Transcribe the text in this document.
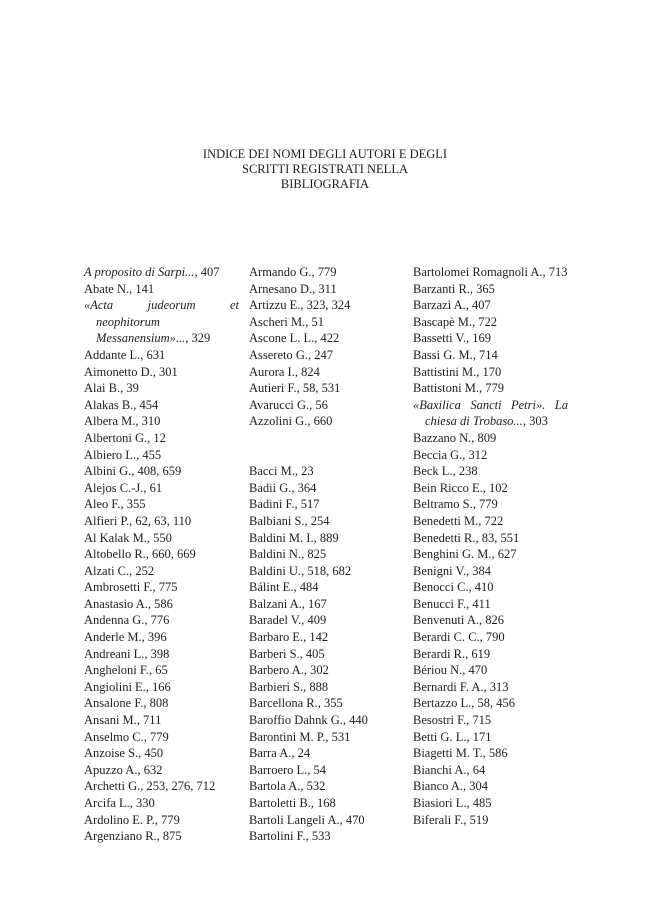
INDICE DEI NOMI DEGLI AUTORI E DEGLI
SCRITTI REGISTRATI NELLA
BIBLIOGRAFIA

A proposito di Sarpi..., 407

Abate N., 141

«Acta judeorum et neophitorum Messanensium»..., 329

Addante L., 631

Aimonetto D., 301

Alai B., 39

Alakas B., 454

Albera M., 310

Albertoni G., 12

Albiero L., 455

Albini G., 408, 659

Alejos C.-J., 61

Aleo F., 355

Alfieri P., 62, 63, 110

Al Kalak M., 550

Altobello R., 660, 669

Alzati C., 252

Ambrosetti F., 775

Anastasio A., 586

Andenna G., 776

Anderle M., 396

Andreani L., 398

Angheloni F., 65

Angiolini E., 166

Ansalone F., 808

Ansani M., 711

Anselmo C., 779

Anzoise S., 450

Apuzzo A., 632

Archetti G., 253, 276, 712

Arcifa L., 330

Ardolino E. P., 779

Argenziano R., 875

Armando G., 779

Arnesano D., 311

Artizzu E., 323, 324

Ascheri M., 51

Ascone L. L., 422

Assereto G., 247

Aurora I., 824

Autieri F., 58, 531

Avarucci G., 56

Azzolini G., 660

Bacci M., 23

Badii G., 364

Badini F., 517

Balbiani S., 254

Baldini M. I., 889

Baldini N., 825

Baldini U., 518, 682

Bálint E., 484

Balzani A., 167

Baradel V., 409

Barbaro E., 142

Barberi S., 405

Barbero A., 302

Barbieri S., 888

Barcellona R., 355

Baroffio Dahnk G., 440

Barontini M. P., 531

Barra A., 24

Barroero L., 54

Bartola A., 532

Bartoletti B., 168

Bartoli Langeli A., 470

Bartolini F., 533

Bartolomei Romagnoli A., 713

Barzanti R., 365

Barzazi A., 407

Bascapè M., 722

Bassetti V., 169

Bassi G. M., 714

Battistini M., 170

Battistoni M., 779

«Baxilica Sancti Petri». La chiesa di Trobaso..., 303

Bazzano N., 809

Beccia G., 312

Beck L., 238

Bein Ricco E., 102

Beltramo S., 779

Benedetti M., 722

Benedetti R., 83, 551

Benghini G. M., 627

Benigni V., 384

Benocci C., 410

Benucci F., 411

Benvenuti A., 826

Berardi C. C., 790

Berardi R., 619

Bériou N., 470

Bernardi F. A., 313

Bertazzo L., 58, 456

Besostri F., 715

Betti G. L., 171

Biagetti M. T., 586

Bianchi A., 64

Bianco A., 304

Biasiori L., 485

Biferali F., 519
